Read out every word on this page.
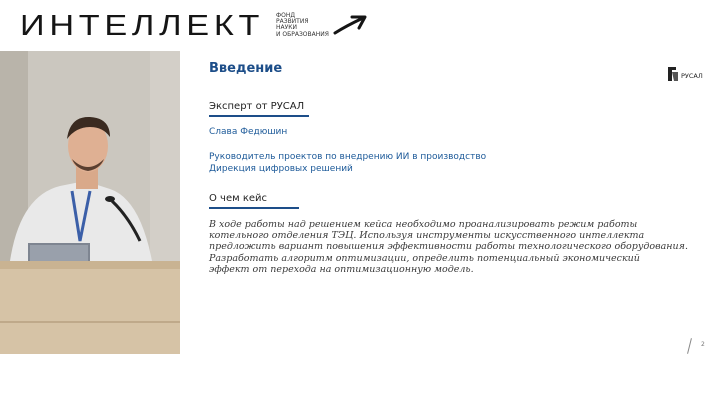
ИНТЕЛЛЕКТ ФОНД
РАЗВИТИЯ
НАУКИ
И ОБРАЗОВАНИЯ
Введение	РУСАЛ
Эксперт от РУСАЛ
Слава Федюшин
Руководитель проектов по внедрению ИИ в производство
Дирекция цифровых решений
О чем кейс
В ходе работы над решением кейса необходимо проанализировать режим работы
котельного отделения ТЭЦ. Используя инструменты искусственного интеллекта
предложить вариант повышения эффективности работы технологического оборудования.
Разработать алгоритм оптимизации, определить потенциальный экономический
эффект от перехода на оптимизационную модель.
2
